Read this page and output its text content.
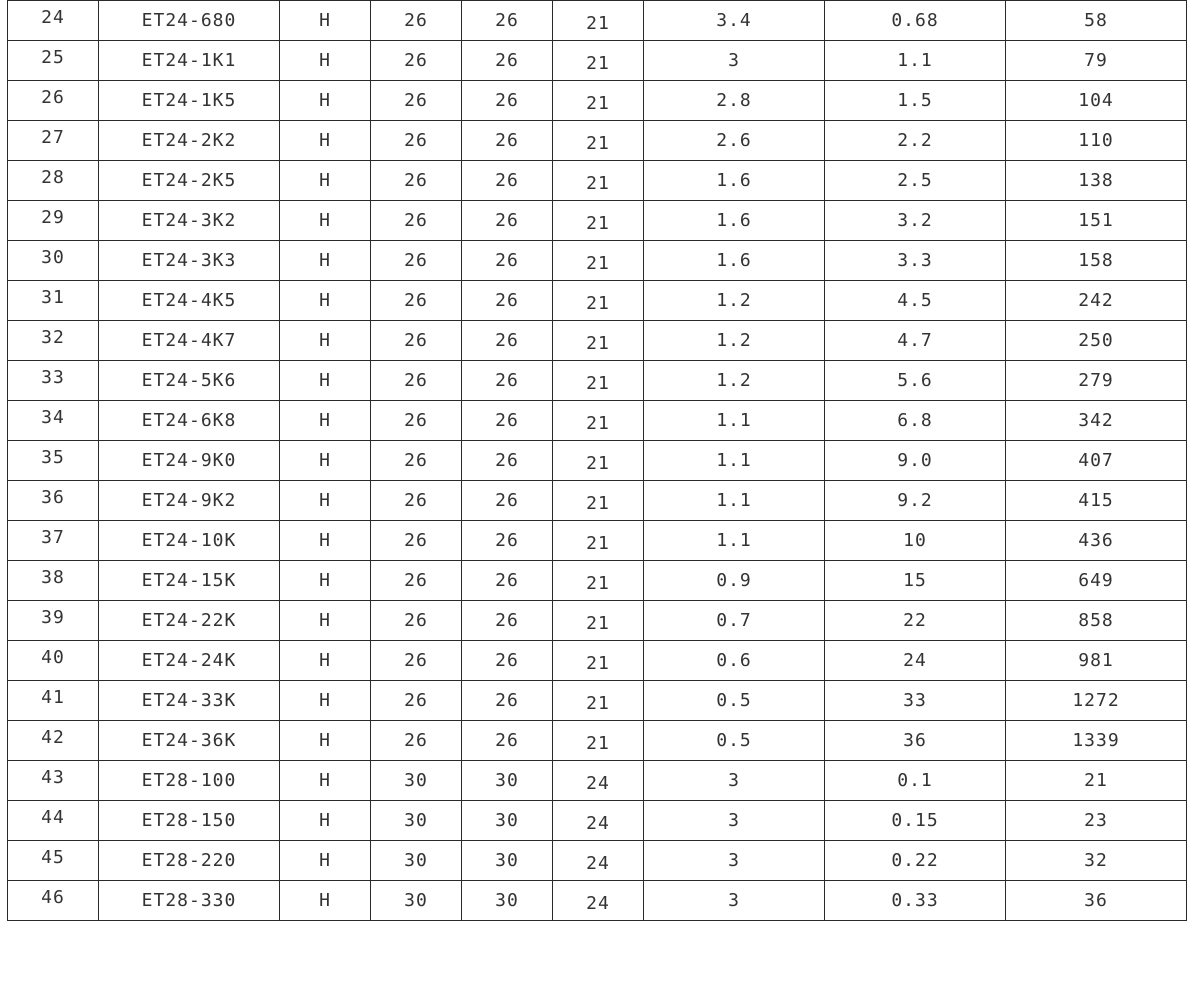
24	ET24-680	H	26	26	21	3.4	0.68	58
25	ET24-1K1	H	26	26	21	3	1.1	79
26	ET24-1K5	H	26	26	21	2.8	1.5	104
27	ET24-2K2	H	26	26	21	2.6	2.2	110
28	ET24-2K5	H	26	26	21	1.6	2.5	138
29	ET24-3K2	H	26	26	21	1.6	3.2	151
30	ET24-3K3	H	26	26	21	1.6	3.3	158
31	ET24-4K5	H	26	26	21	1.2	4.5	242
32	ET24-4K7	H	26	26	21	1.2	4.7	250
33	ET24-5K6	H	26	26	21	1.2	5.6	279
34	ET24-6K8	H	26	26	21	1.1	6.8	342
35	ET24-9K0	H	26	26	21	1.1	9.0	407
36	ET24-9K2	H	26	26	21	1.1	9.2	415
37	ET24-10K	H	26	26	21	1.1	10	436
38	ET24-15K	H	26	26	21	0.9	15	649
39	ET24-22K	H	26	26	21	0.7	22	858
40	ET24-24K	H	26	26	21	0.6	24	981
41	ET24-33K	H	26	26	21	0.5	33	1272
42	ET24-36K	H	26	26	21	0.5	36	1339
43	ET28-100	H	30	30	24	3	0.1	21
44	ET28-150	H	30	30	24	3	0.15	23
45	ET28-220	H	30	30	24	3	0.22	32
46	ET28-330	H	30	30	24	3	0.33	36
